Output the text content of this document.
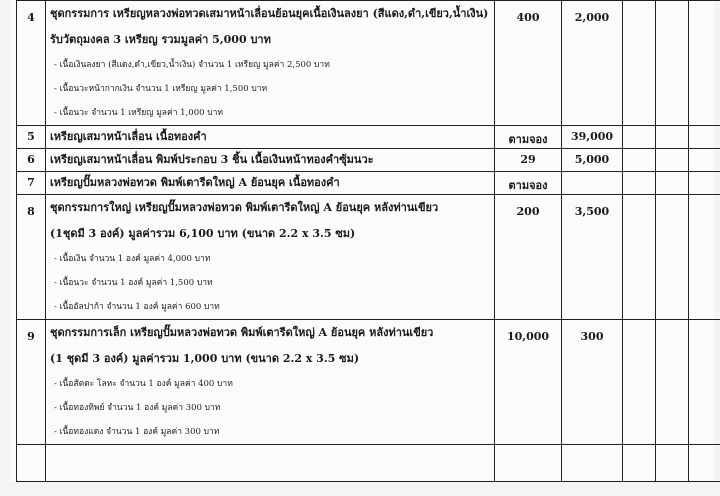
4	ชุดกรรมการ เหรียญหลวงพ่อทวดเสมาหน้าเลื่อนย้อนยุคเนื้อเงินลงยา (สีแดง,ดำ,เขียว,น้ำเงิน)
รับวัตถุมงคล 3 เหรียญ รวมมูลค่า 5,000 บาท
- เนื้อเงินลงยา (สีแดง,ดำ,เขียว,น้ำเงิน) จำนวน 1 เหรียญ มูลค่า 2,500 บาท
- เนื้อนวะหน้ากากเงิน จำนวน 1 เหรียญ มูลค่า 1,500 บาท
- เนื้อนวะ จำนวน 1 เหรียญ มูลค่า 1,000 บาท	400	2,000			
5	เหรียญเสมาหน้าเลื่อน เนื้อทองคำ	ตามจอง	39,000			
6	เหรียญเสมาหน้าเลื่อน พิมพ์ประกอบ 3 ชิ้น เนื้อเงินหน้าทองคำซุ้มนวะ	29	5,000			
7	เหรียญปั๊มหลวงพ่อทวด พิมพ์เตารีดใหญ่ A ย้อนยุค เนื้อทองคำ	ตามจอง				
8	ชุดกรรมการใหญ่ เหรียญปั๊มหลวงพ่อทวด พิมพ์เตารีดใหญ่ A ย้อนยุค หลังท่านเขียว
(1ชุดมี 3 องค์) มูลค่ารวม 6,100 บาท (ขนาด 2.2 x 3.5 ซม)
- เนื้อเงิน จำนวน 1 องค์ มูลค่า 4,000 บาท
- เนื้อนวะ จำนวน 1 องค์ มูลค่า 1,500 บาท
- เนื้ออัลปาก้า จำนวน 1 องค์ มูลค่า 600 บาท	200	3,500			
9	ชุดกรรมการเล็ก เหรียญปั๊มหลวงพ่อทวด พิมพ์เตารีดใหญ่ A ย้อนยุค หลังท่านเขียว
(1 ชุดมี 3 องค์) มูลค่ารวม 1,000 บาท (ขนาด 2.2 x 3.5 ซม)
- เนื้อสัตตะ โลหะ จำนวน 1 องค์ มูลค่า 400 บาท
- เนื้อทองทิพย์ จำนวน 1 องค์ มูลค่า 300 บาท
- เนื้อทองแดง จำนวน 1 องค์ มูลค่า 300 บาท	10,000	300			
